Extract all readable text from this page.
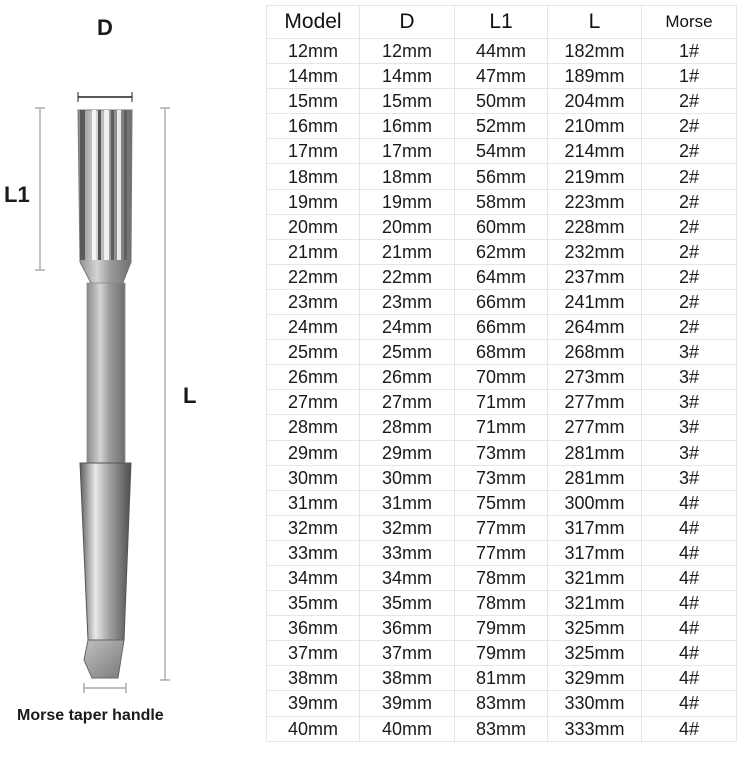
D
L1
L
Morse taper handle
Model	D	L1	L	Morse
12mm	12mm	44mm	182mm	1#
14mm	14mm	47mm	189mm	1#
15mm	15mm	50mm	204mm	2#
16mm	16mm	52mm	210mm	2#
17mm	17mm	54mm	214mm	2#
18mm	18mm	56mm	219mm	2#
19mm	19mm	58mm	223mm	2#
20mm	20mm	60mm	228mm	2#
21mm	21mm	62mm	232mm	2#
22mm	22mm	64mm	237mm	2#
23mm	23mm	66mm	241mm	2#
24mm	24mm	66mm	264mm	2#
25mm	25mm	68mm	268mm	3#
26mm	26mm	70mm	273mm	3#
27mm	27mm	71mm	277mm	3#
28mm	28mm	71mm	277mm	3#
29mm	29mm	73mm	281mm	3#
30mm	30mm	73mm	281mm	3#
31mm	31mm	75mm	300mm	4#
32mm	32mm	77mm	317mm	4#
33mm	33mm	77mm	317mm	4#
34mm	34mm	78mm	321mm	4#
35mm	35mm	78mm	321mm	4#
36mm	36mm	79mm	325mm	4#
37mm	37mm	79mm	325mm	4#
38mm	38mm	81mm	329mm	4#
39mm	39mm	83mm	330mm	4#
40mm	40mm	83mm	333mm	4#
